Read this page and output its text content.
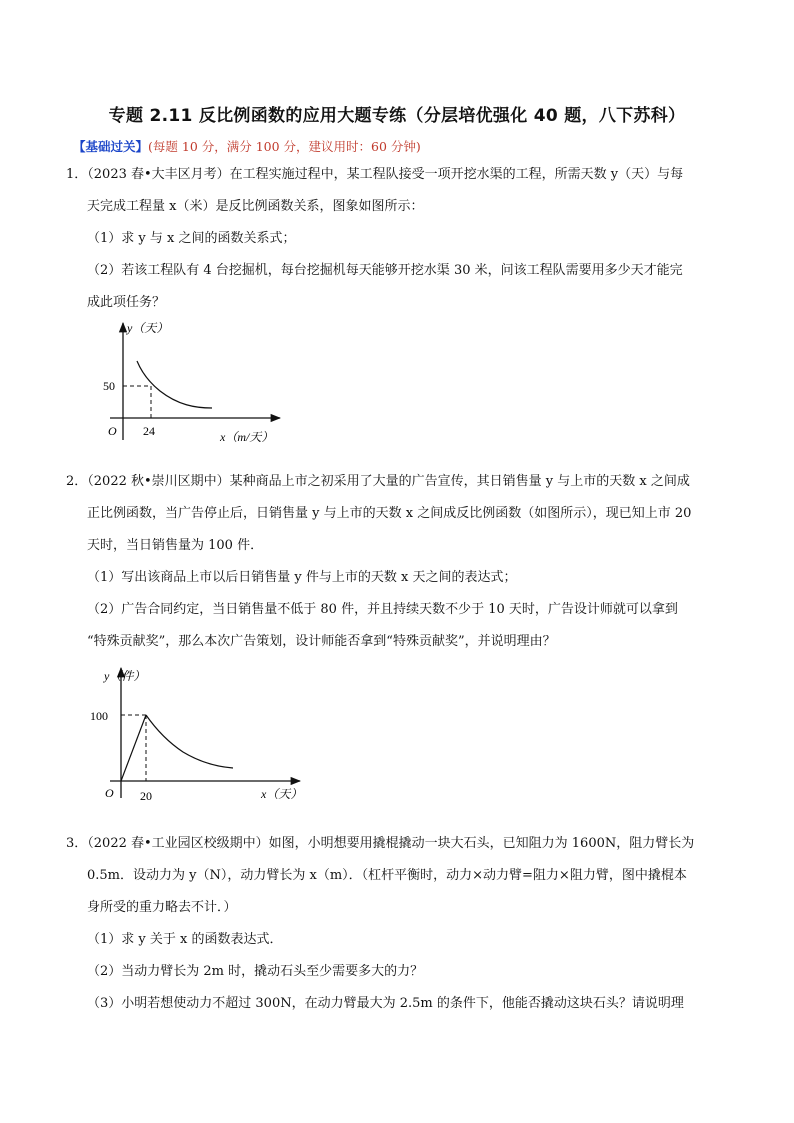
专题 2.11 反比例函数的应用大题专练（分层培优强化 40 题，八下苏科）
【基础过关】(每题 10 分，满分 100 分，建议用时：60 分钟)
1．（2023 春•大丰区月考）在工程实施过程中，某工程队接受一项开挖水渠的工程，所需天数 y（天）与每
天完成工程量 x（米）是反比例函数关系，图象如图所示：
（1）求 y 与 x 之间的函数关系式；
（2）若该工程队有 4 台挖掘机，每台挖掘机每天能够开挖水渠 30 米，问该工程队需要用多少天才能完
成此项任务？
y（天）
50
O 24	x（m/天）
2．（2022 秋•崇川区期中）某种商品上市之初采用了大量的广告宣传，其日销售量 y 与上市的天数 x 之间成
正比例函数，当广告停止后，日销售量 y 与上市的天数 x 之间成反比例函数（如图所示），现已知上市 20
天时，当日销售量为 100 件．
（1）写出该商品上市以后日销售量 y 件与上市的天数 x 天之间的表达式；
（2）广告合同约定，当日销售量不低于 80 件，并且持续天数不少于 10 天时，广告设计师就可以拿到
“特殊贡献奖”，那么本次广告策划，设计师能否拿到“特殊贡献奖”，并说明理由？
y（件）
100
O 20	x（天）
3．（2022 春•工业园区校级期中）如图，小明想要用撬棍撬动一块大石头，已知阻力为 1600N，阻力臂长为
0.5m．设动力为 y（N），动力臂长为 x（m）．（杠杆平衡时，动力×动力臂=阻力×阻力臂，图中撬棍本
身所受的重力略去不计．）
（1）求 y 关于 x 的函数表达式．
（2）当动力臂长为 2m 时，撬动石头至少需要多大的力？
（3）小明若想使动力不超过 300N，在动力臂最大为 2.5m 的条件下，他能否撬动这块石头？请说明理
